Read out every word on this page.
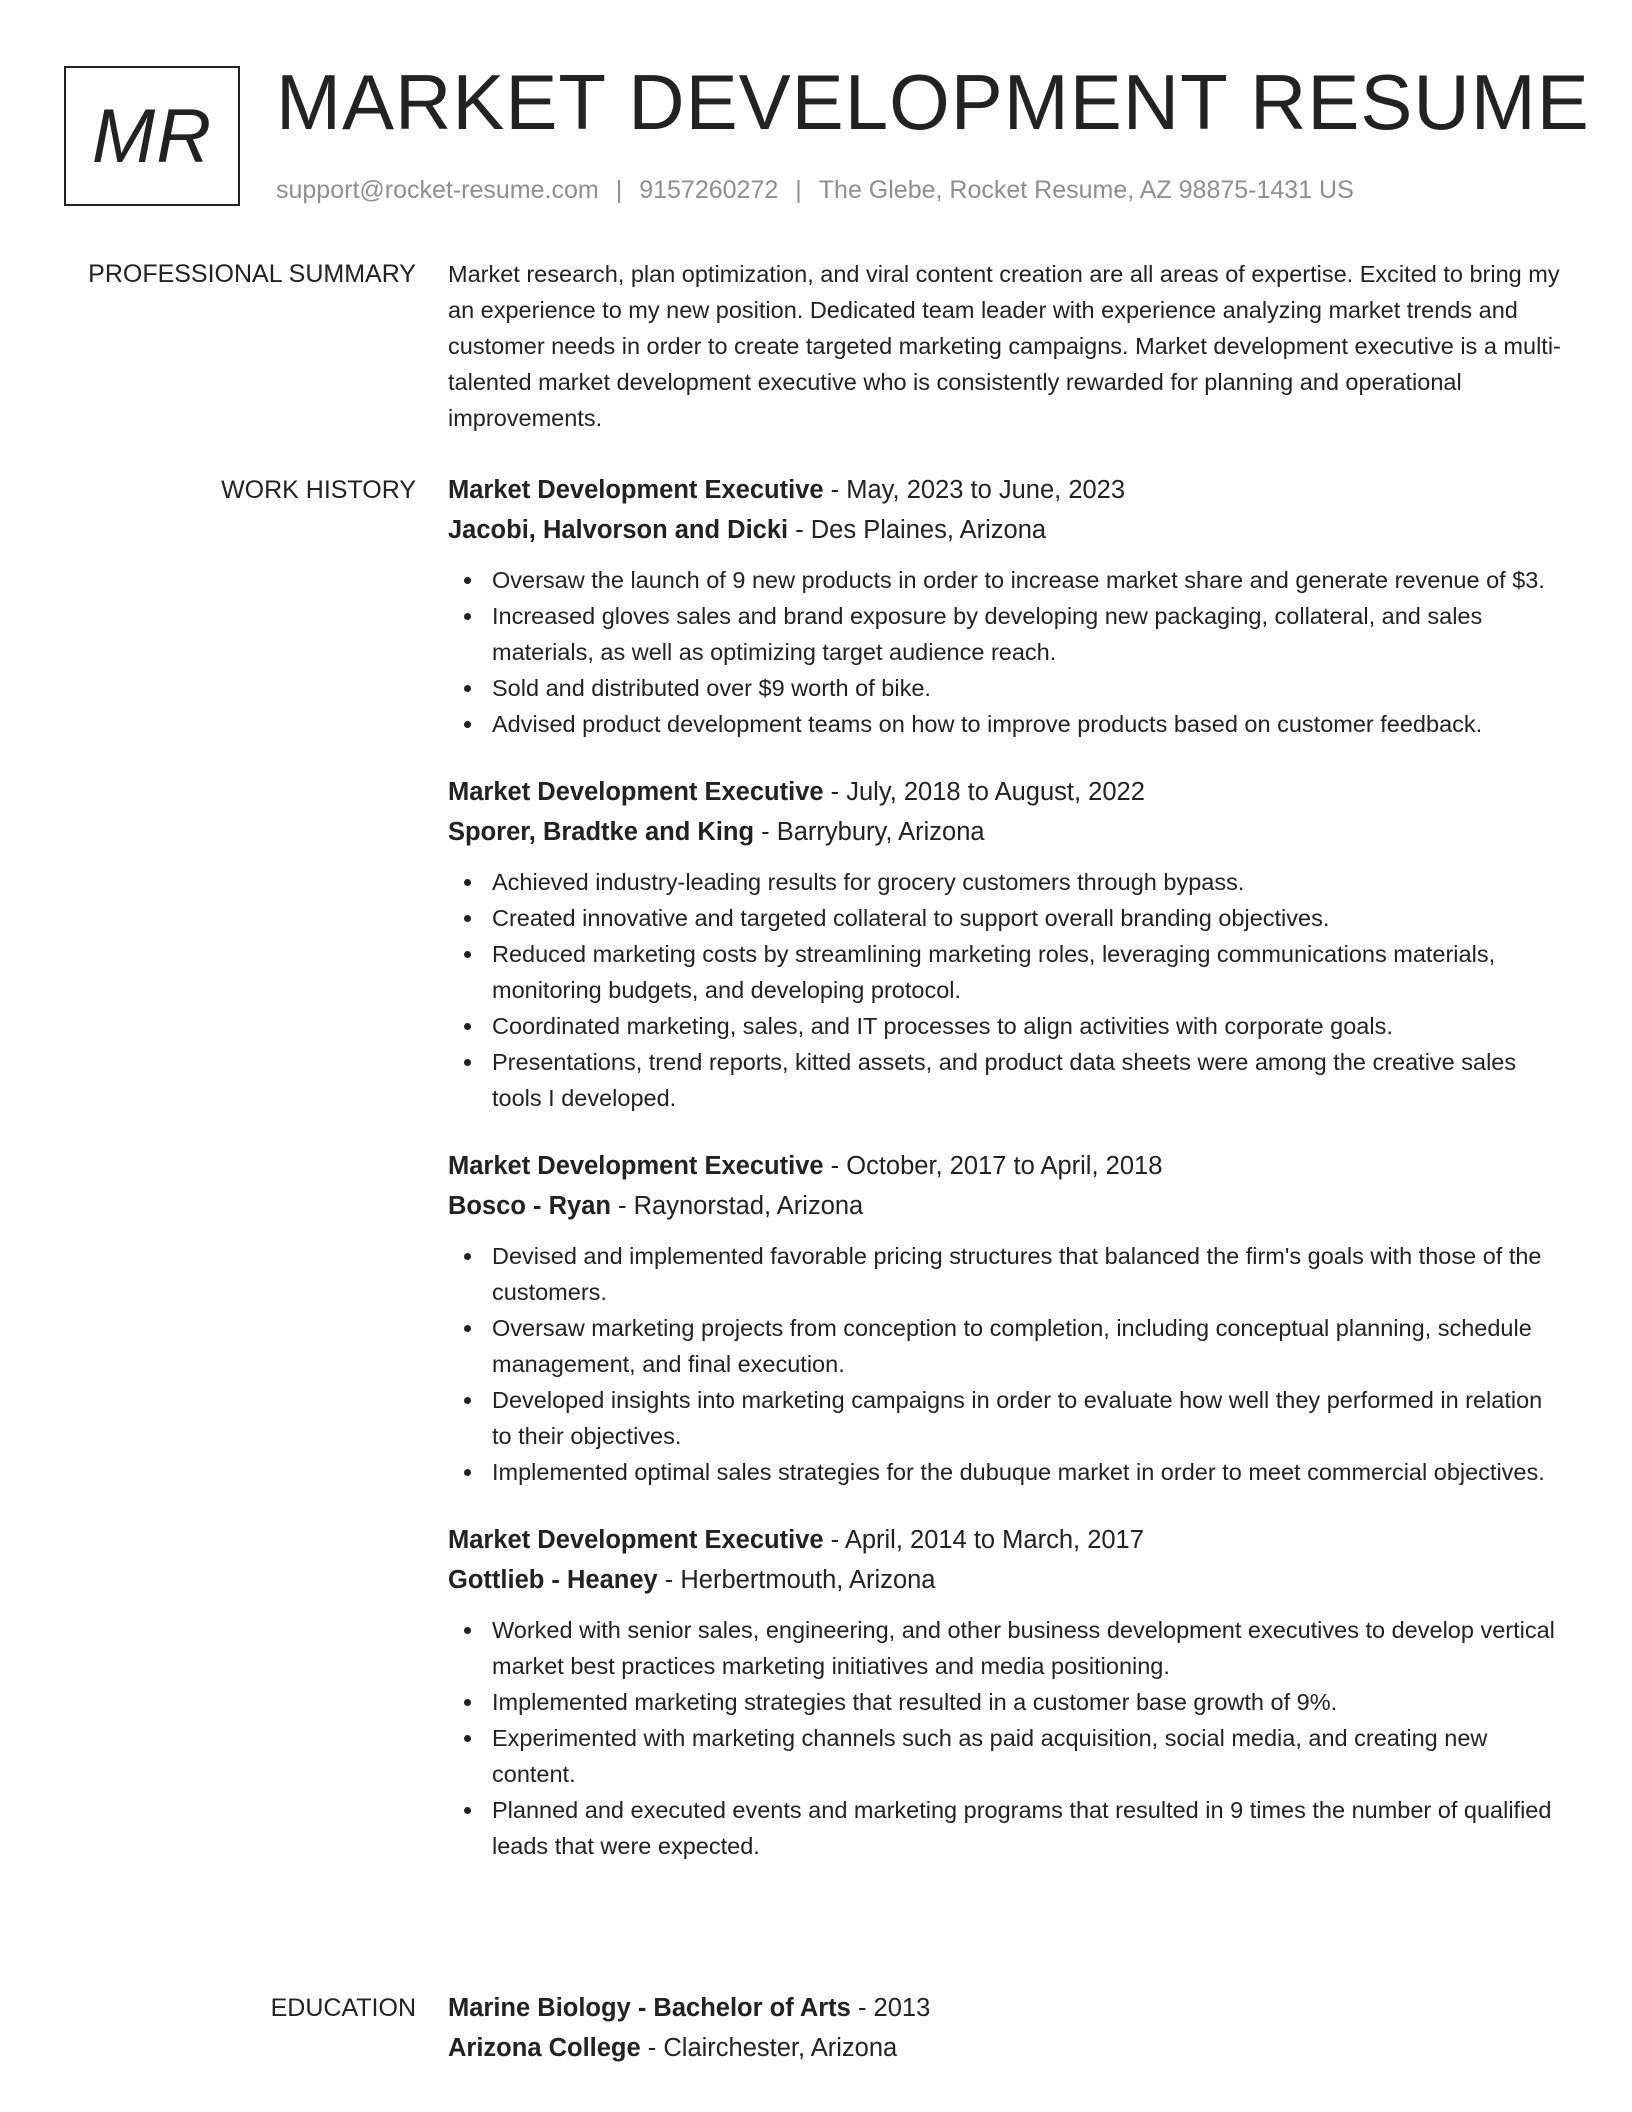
MR MARKET DEVELOPMENT RESUME
support@rocket-resume.com | 9157260272 | The Glebe, Rocket Resume, AZ 98875-1431 US
PROFESSIONAL SUMMARY Market research, plan optimization, and viral content creation are all areas of expertise. Excited to bring my an experience to my new position. Dedicated team leader with experience analyzing market trends and customer needs in order to create targeted marketing campaigns. Market development executive is a multi-talented market development executive who is consistently rewarded for planning and operational improvements.

WORK HISTORY Market Development Executive - May, 2023 to June, 2023
Jacobi, Halvorson and Dicki - Des Plaines, Arizona
Oversaw the launch of 9 new products in order to increase market share and generate revenue of $3.
Increased gloves sales and brand exposure by developing new packaging, collateral, and sales materials, as well as optimizing target audience reach.
Sold and distributed over $9 worth of bike.
Advised product development teams on how to improve products based on customer feedback.
Market Development Executive - July, 2018 to August, 2022
Sporer, Bradtke and King - Barrybury, Arizona
Achieved industry-leading results for grocery customers through bypass.
Created innovative and targeted collateral to support overall branding objectives.
Reduced marketing costs by streamlining marketing roles, leveraging communications materials, monitoring budgets, and developing protocol.
Coordinated marketing, sales, and IT processes to align activities with corporate goals.
Presentations, trend reports, kitted assets, and product data sheets were among the creative sales tools I developed.
Market Development Executive - October, 2017 to April, 2018
Bosco - Ryan - Raynorstad, Arizona
Devised and implemented favorable pricing structures that balanced the firm's goals with those of the customers.
Oversaw marketing projects from conception to completion, including conceptual planning, schedule management, and final execution.
Developed insights into marketing campaigns in order to evaluate how well they performed in relation to their objectives.
Implemented optimal sales strategies for the dubuque market in order to meet commercial objectives.
Market Development Executive - April, 2014 to March, 2017
Gottlieb - Heaney - Herbertmouth, Arizona
Worked with senior sales, engineering, and other business development executives to develop vertical market best practices marketing initiatives and media positioning.
Implemented marketing strategies that resulted in a customer base growth of 9%.
Experimented with marketing channels such as paid acquisition, social media, and creating new content.
Planned and executed events and marketing programs that resulted in 9 times the number of qualified leads that were expected.
EDUCATION Marine Biology - Bachelor of Arts - 2013
Arizona College - Clairchester, Arizona
